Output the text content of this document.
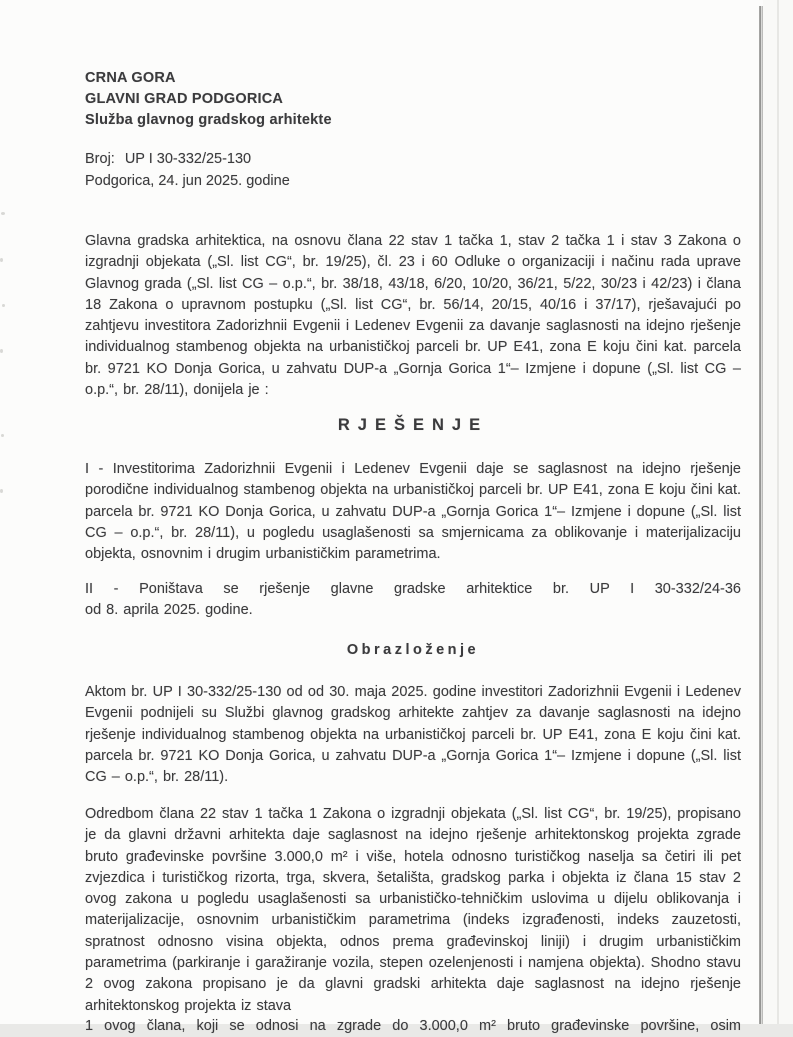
CRNA GORA
GLAVNI GRAD PODGORICA
Služba glavnog gradskog arhitekte
Broj: UP I 30-332/25-130
Podgorica, 24. jun 2025. godine
Glavna gradska arhitektica, na osnovu člana 22 stav 1 tačka 1, stav 2 tačka 1 i stav 3 Zakona o izgradnji objekata („Sl. list CG“, br. 19/25), čl. 23 i 60 Odluke o organizaciji i načinu rada uprave Glavnog grada („Sl. list CG – o.p.“, br. 38/18, 43/18, 6/20, 10/20, 36/21, 5/22, 30/23 i 42/23) i člana 18 Zakona o upravnom postupku („Sl. list CG“, br. 56/14, 20/15, 40/16 i 37/17), rješavajući po zahtjevu investitora Zadorizhnii Evgenii i Ledenev Evgenii za davanje saglasnosti na idejno rješenje individualnog stambenog objekta na urbanističkoj parceli br. UP E41, zona E koju čini kat. parcela br. 9721 KO Donja Gorica, u zahvatu DUP-a „Gornja Gorica 1“– Izmjene i dopune („Sl. list CG – o.p.“, br. 28/11), donijela je :
RJEŠENJE
I - Investitorima Zadorizhnii Evgenii i Ledenev Evgenii daje se saglasnost na idejno rješenje porodične individualnog stambenog objekta na urbanističkoj parceli br. UP E41, zona E koju čini kat. parcela br. 9721 KO Donja Gorica, u zahvatu DUP-a „Gornja Gorica 1“– Izmjene i dopune („Sl. list CG – o.p.“, br. 28/11), u pogledu usaglašenosti sa smjernicama za oblikovanje i materijalizaciju objekta, osnovnim i drugim urbanističkim parametrima.
II - Poništava se rješenje glavne gradske arhitektice br. UP I 30-332/24-36
od 8. aprila 2025. godine.
Obrazloženje
Aktom br. UP I 30-332/25-130 od od 30. maja 2025. godine investitori Zadorizhnii Evgenii i Ledenev Evgenii podnijeli su Službi glavnog gradskog arhitekte zahtjev za davanje saglasnosti na idejno rješenje individualnog stambenog objekta na urbanističkoj parceli br. UP E41, zona E koju čini kat. parcela br. 9721 KO Donja Gorica, u zahvatu DUP-a „Gornja Gorica 1“– Izmjene i dopune („Sl. list CG – o.p.“, br. 28/11).
Odredbom člana 22 stav 1 tačka 1 Zakona o izgradnji objekata („Sl. list CG“, br. 19/25), propisano je da glavni državni arhitekta daje saglasnost na idejno rješenje arhitektonskog projekta zgrade bruto građevinske površine 3.000,0 m² i više, hotela odnosno turističkog naselja sa četiri ili pet zvjezdica i turističkog rizorta, trga, skvera, šetališta, gradskog parka i objekta iz člana 15 stav 2 ovog zakona u pogledu usaglašenosti sa urbanističko-tehničkim uslovima u dijelu oblikovanja i materijalizacije, osnovnim urbanističkim parametrima (indeks izgrađenosti, indeks zauzetosti, spratnost odnosno visina objekta, odnos prema građevinskoj liniji) i drugim urbanističkim parametrima (parkiranje i garažiranje vozila, stepen ozelenjenosti i namjena objekta). Shodno stavu 2 ovog zakona propisano je da glavni gradski arhitekta daje saglasnost na idejno rješenje arhitektonskog projekta iz stava
1 ovog člana, koji se odnosi na zgrade do 3.000,0 m² bruto građevinske površine, osim
